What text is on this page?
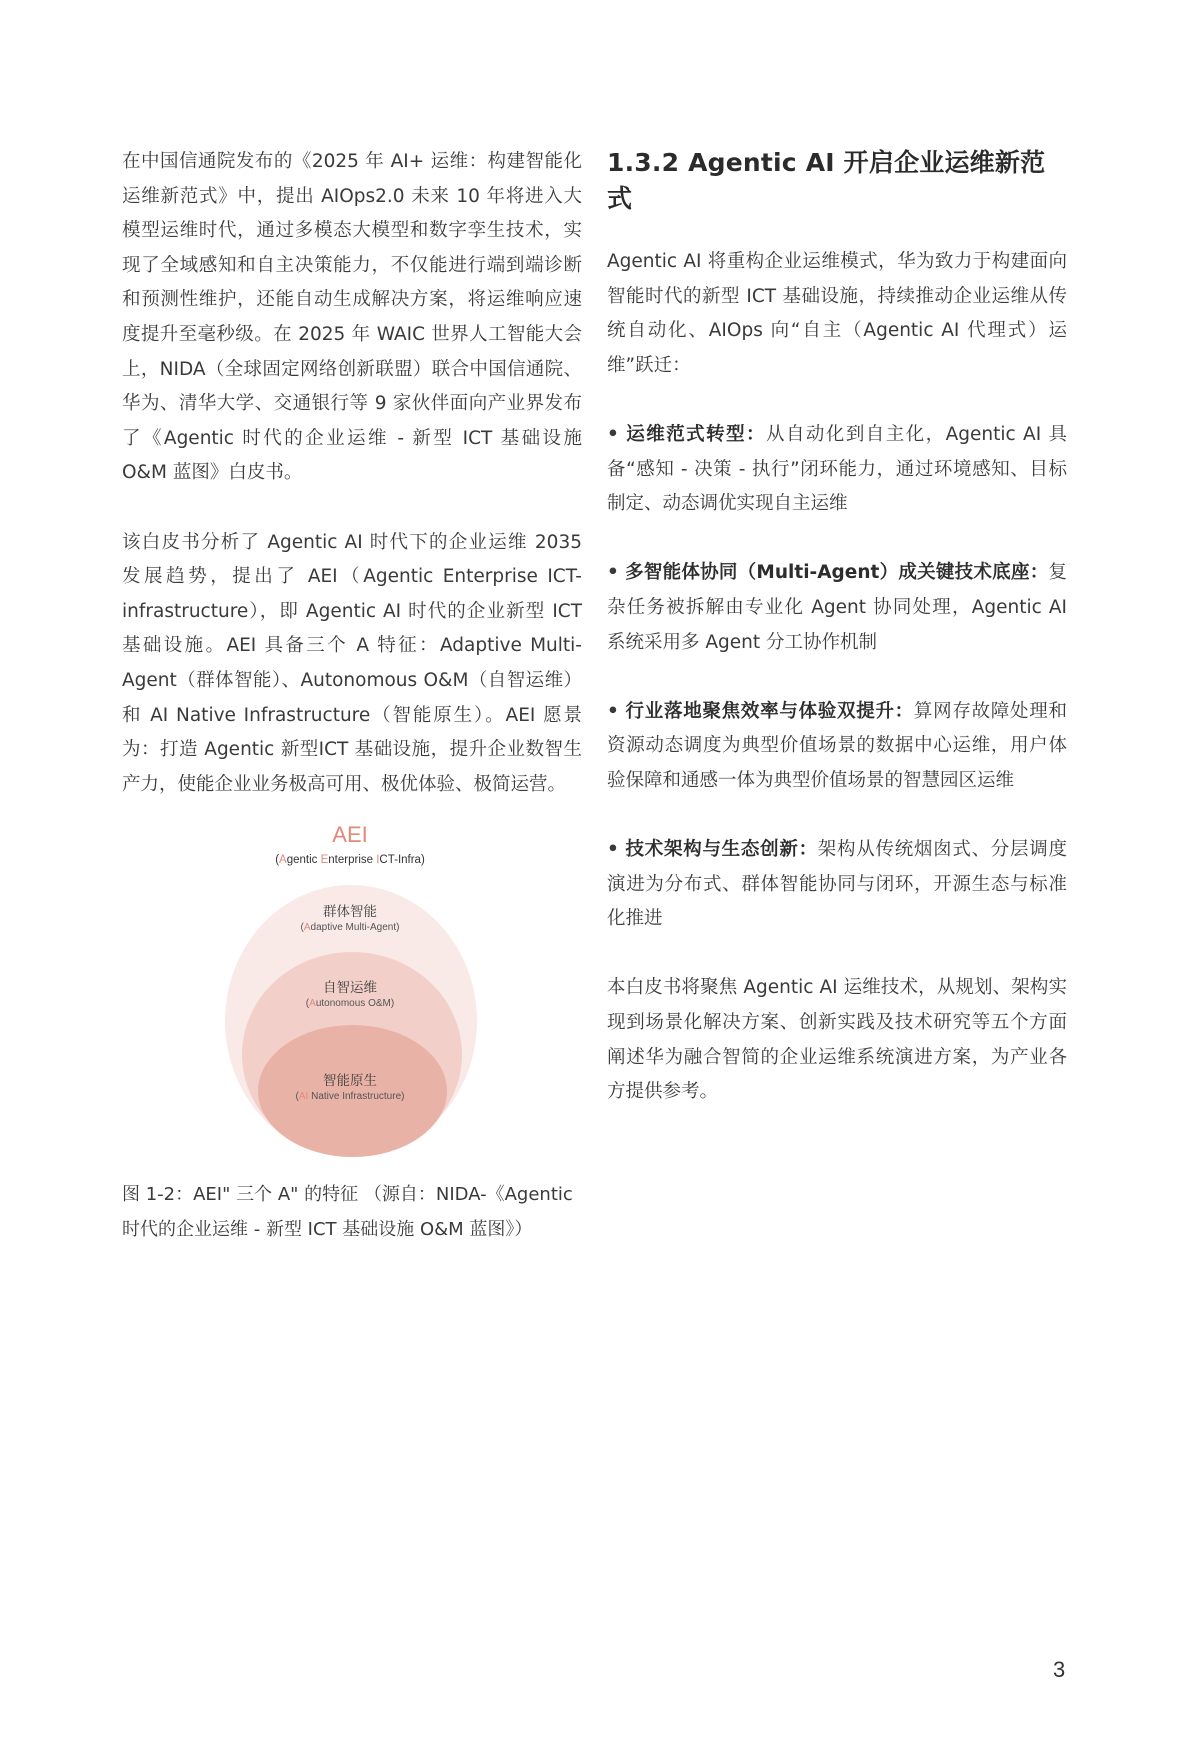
在中国信通院发布的《2025 年 AI+ 运维：构建智能化运维新范式》中，提出 AIOps2.0 未来 10 年将进入大模型运维时代，通过多模态大模型和数字孪生技术，实现了全域感知和自主决策能力，不仅能进行端到端诊断和预测性维护，还能自动生成解决方案，将运维响应速度提升至毫秒级。在 2025 年 WAIC 世界人工智能大会上，NIDA（全球固定网络创新联盟）联合中国信通院、华为、清华大学、交通银行等 9 家伙伴面向产业界发布了《Agentic 时代的企业运维 - 新型 ICT 基础设施 O&M 蓝图》白皮书。

该白皮书分析了 Agentic AI 时代下的企业运维 2035 发展趋势，提出了 AEI（Agentic Enterprise ICT-infrastructure），即 Agentic AI 时代的企业新型 ICT 基础设施。AEI 具备三个 A 特征：Adaptive Multi-Agent（群体智能）、Autonomous O&M（自智运维）和 AI Native Infrastructure（智能原生）。AEI 愿景为：打造 Agentic 新型ICT 基础设施，提升企业数智生产力，使能企业业务极高可用、极优体验、极简运营。

AEI
(Agentic Enterprise ICT-Infra)
群体智能
(Adaptive Multi-Agent)
自智运维
(Autonomous O&M)
智能原生
(AI Native Infrastructure)
图 1-2：AEI" 三个 A" 的特征 （源自：NIDA-《Agentic 时代的企业运维 - 新型 ICT 基础设施 O&M 蓝图》）
1.3.2 Agentic AI 开启企业运维新范式

Agentic AI 将重构企业运维模式，华为致力于构建面向智能时代的新型 ICT 基础设施，持续推动企业运维从传统自动化、AIOps 向“自主（Agentic AI 代理式）运维”跃迁：

• 运维范式转型：从自动化到自主化，Agentic AI 具备“感知 - 决策 - 执行”闭环能力，通过环境感知、目标制定、动态调优实现自主运维

• 多智能体协同（Multi-Agent）成关键技术底座：复杂任务被拆解由专业化 Agent 协同处理，Agentic AI 系统采用多 Agent 分工协作机制

• 行业落地聚焦效率与体验双提升：算网存故障处理和资源动态调度为典型价值场景的数据中心运维，用户体验保障和通感一体为典型价值场景的智慧园区运维

• 技术架构与生态创新：架构从传统烟囱式、分层调度演进为分布式、群体智能协同与闭环，开源生态与标准化推进

本白皮书将聚焦 Agentic AI 运维技术，从规划、架构实现到场景化解决方案、创新实践及技术研究等五个方面阐述华为融合智简的企业运维系统演进方案，为产业各方提供参考。

3
